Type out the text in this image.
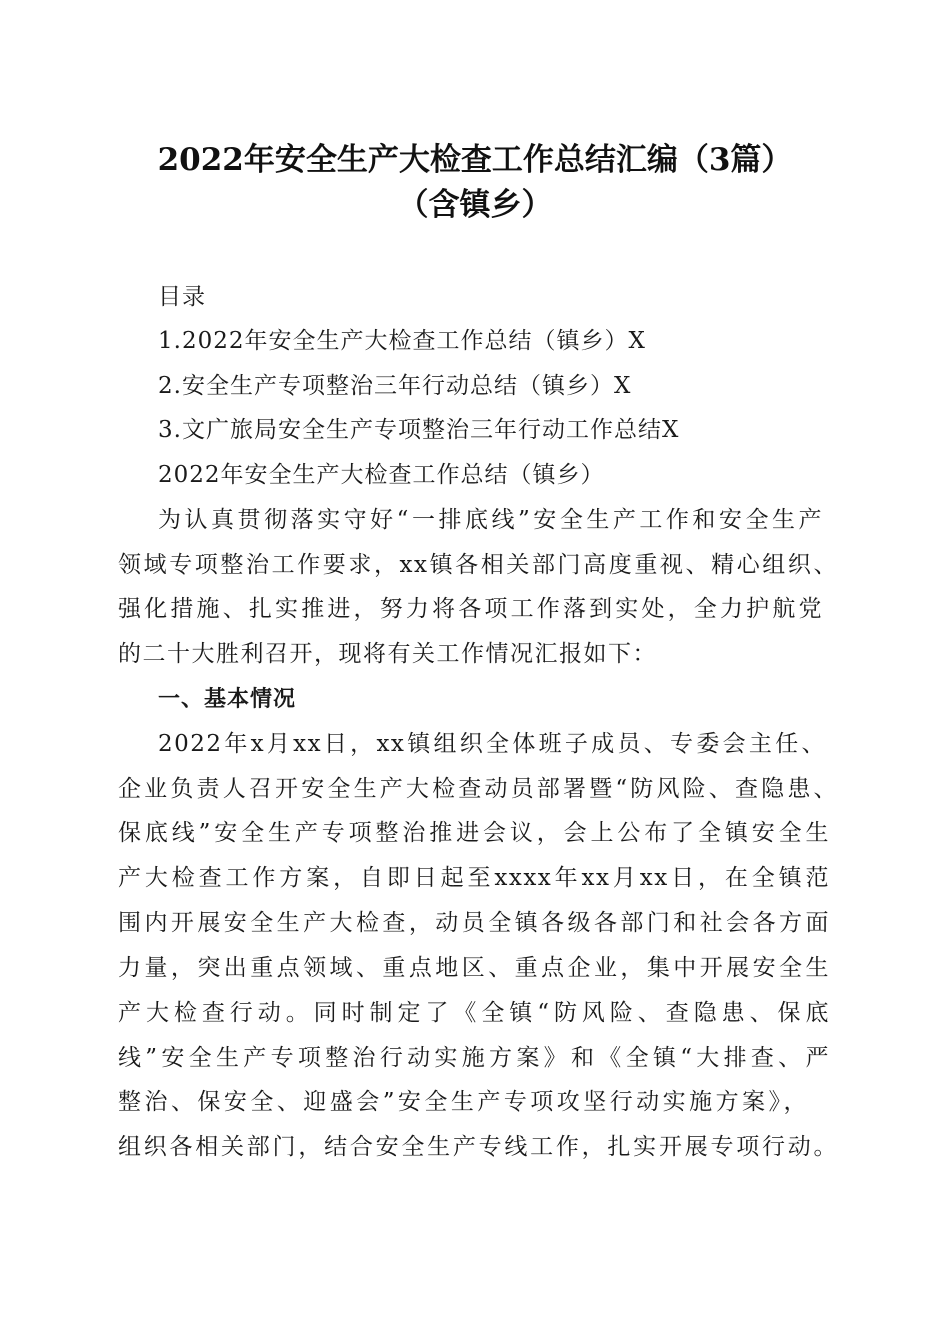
2022年安全生产大检查工作总结汇编（3篇）
（含镇乡）
目录
1.2022年安全生产大检查工作总结（镇乡）X
2.安全生产专项整治三年行动总结（镇乡）X
3.文广旅局安全生产专项整治三年行动工作总结X
2022年安全生产大检查工作总结（镇乡）
为认真贯彻落实守好“一排底线”安全生产工作和安全生产
领域专项整治工作要求，xx镇各相关部门高度重视、精心组织、
强化措施、扎实推进，努力将各项工作落到实处，全力护航党
的二十大胜利召开，现将有关工作情况汇报如下：
一、基本情况
2022年x月xx日，xx镇组织全体班子成员、专委会主任、
企业负责人召开安全生产大检查动员部署暨“防风险、查隐患、
保底线”安全生产专项整治推进会议，会上公布了全镇安全生
产大检查工作方案，自即日起至xxxx年xx月xx日，在全镇范
围内开展安全生产大检查，动员全镇各级各部门和社会各方面
力量，突出重点领域、重点地区、重点企业，集中开展安全生
产大检查行动。同时制定了《全镇“防风险、查隐患、保底
线”安全生产专项整治行动实施方案》和《全镇“大排查、严
整治、保安全、迎盛会”安全生产专项攻坚行动实施方案》，
组织各相关部门，结合安全生产专线工作，扎实开展专项行动。
